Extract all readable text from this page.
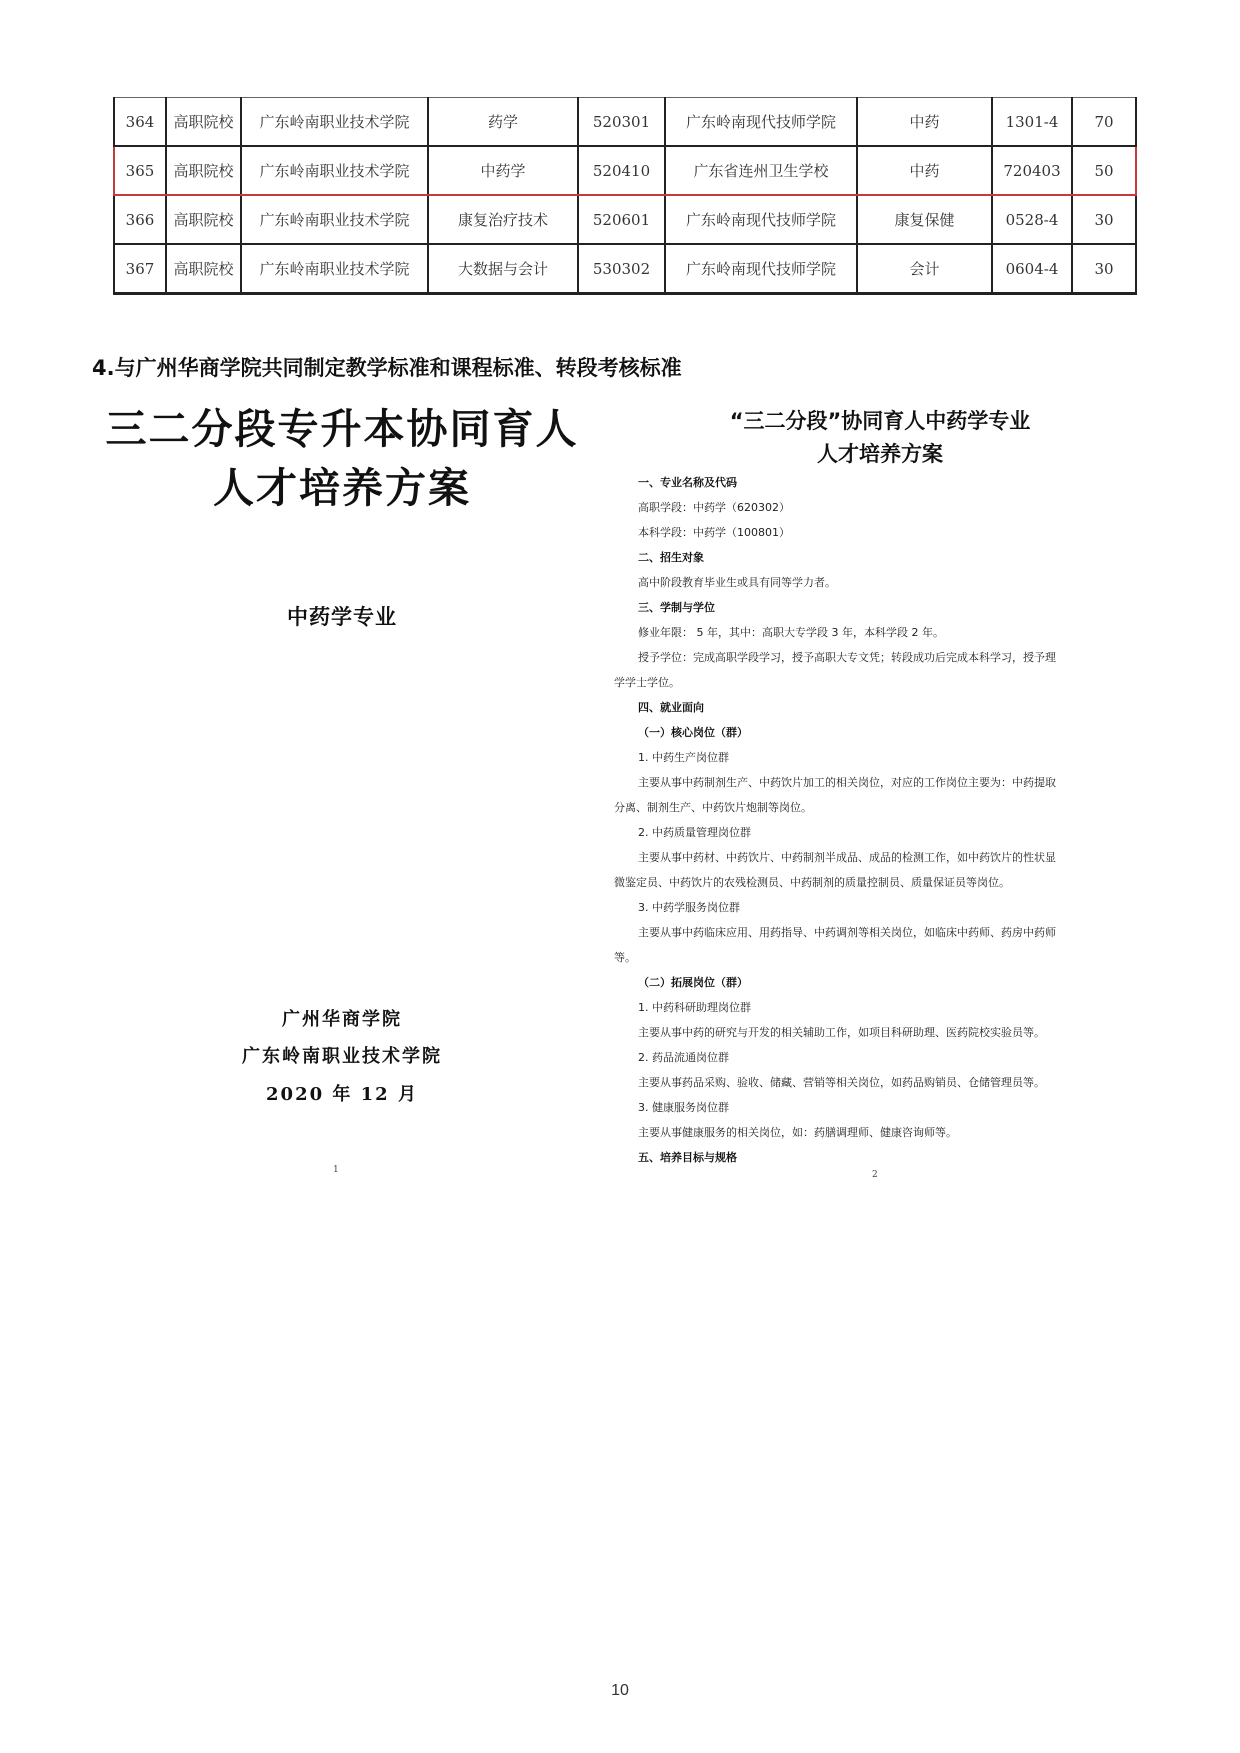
364	高职院校	广东岭南职业技术学院	药学	520301	广东岭南现代技师学院	中药	1301-4	70
365	高职院校	广东岭南职业技术学院	中药学	520410	广东省连州卫生学校	中药	720403	50
366	高职院校	广东岭南职业技术学院	康复治疗技术	520601	广东岭南现代技师学院	康复保健	0528-4	30
367	高职院校	广东岭南职业技术学院	大数据与会计	530302	广东岭南现代技师学院	会计	0604-4	30
4.与广州华商学院共同制定教学标准和课程标准、转段考核标准
三二分段专升本协同育人
人才培养方案
中药学专业
广州华商学院
广东岭南职业技术学院
2020 年 12 月
1
“三二分段”协同育人中药学专业
人才培养方案

一、专业名称及代码

高职学段：中药学（620302）

本科学段：中药学（100801）

二、招生对象

高中阶段教育毕业生或具有同等学力者。

三、学制与学位

修业年限： 5 年，其中：高职大专学段 3 年，本科学段 2 年。

授予学位：完成高职学段学习，授予高职大专文凭；转段成功后完成本科学习，授予理

学学士学位。

四、就业面向

（一）核心岗位（群）

1. 中药生产岗位群

主要从事中药制剂生产、中药饮片加工的相关岗位，对应的工作岗位主要为：中药提取

分离、制剂生产、中药饮片炮制等岗位。

2. 中药质量管理岗位群

主要从事中药材、中药饮片、中药制剂半成品、成品的检测工作，如中药饮片的性状显

微鉴定员、中药饮片的农残检测员、中药制剂的质量控制员、质量保证员等岗位。

3. 中药学服务岗位群

主要从事中药临床应用、用药指导、中药调剂等相关岗位，如临床中药师、药房中药师

等。

（二）拓展岗位（群）

1. 中药科研助理岗位群

主要从事中药的研究与开发的相关辅助工作，如项目科研助理、医药院校实验员等。

2. 药品流通岗位群

主要从事药品采购、验收、储藏、营销等相关岗位，如药品购销员、仓储管理员等。

3. 健康服务岗位群

主要从事健康服务的相关岗位，如：药膳调理师、健康咨询师等。

五、培养目标与规格

2
10
